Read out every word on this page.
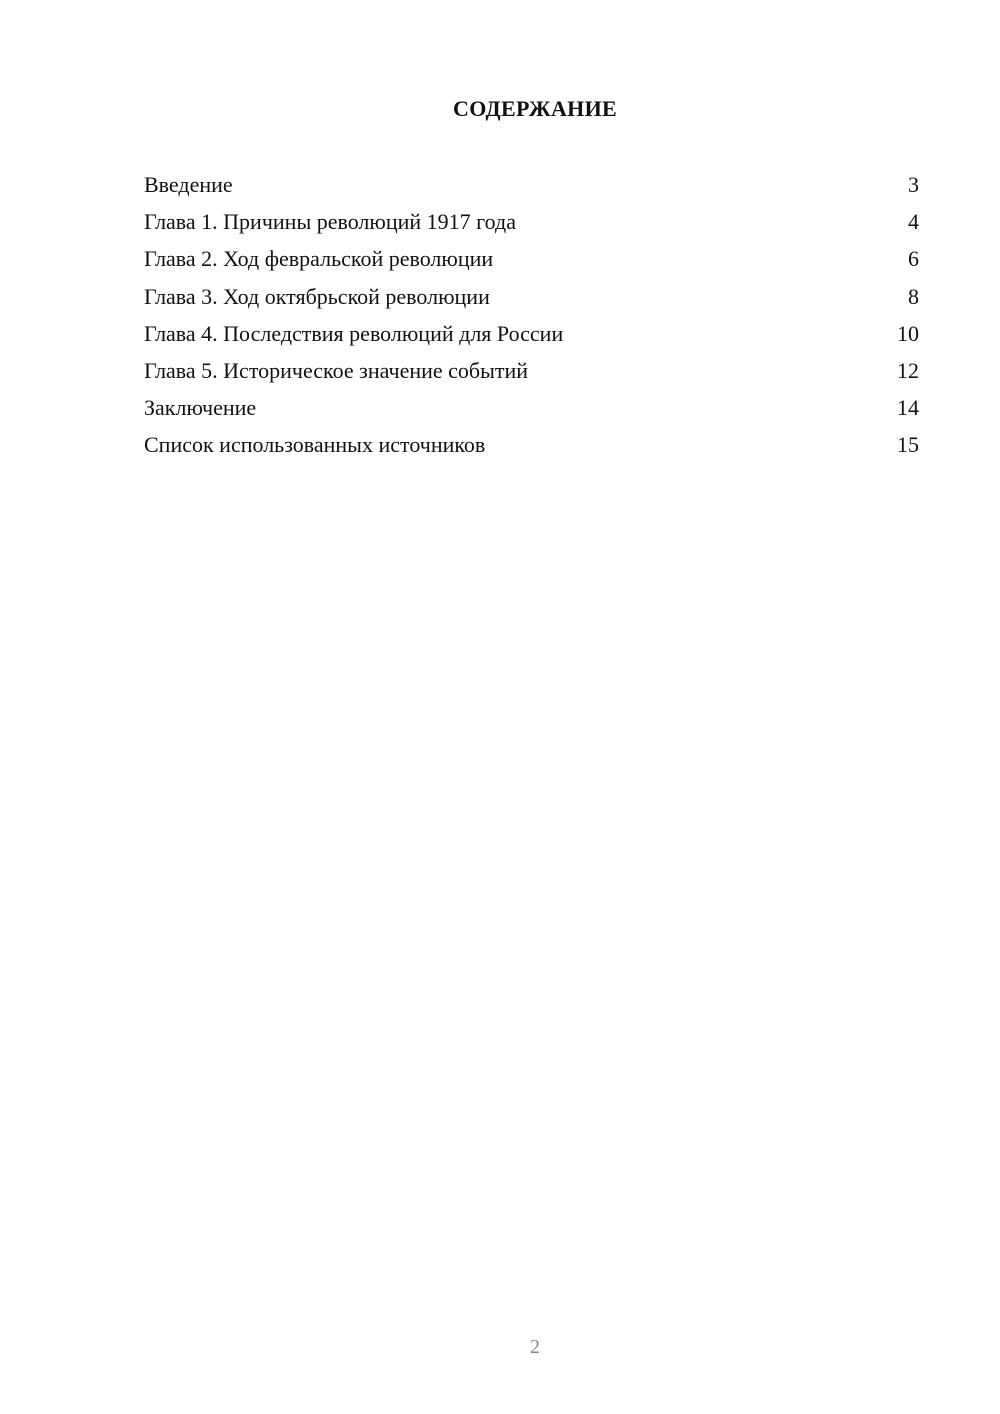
СОДЕРЖАНИЕ
Введение	3
Глава 1. Причины революций 1917 года	4
Глава 2. Ход февральской революции	6
Глава 3. Ход октябрьской революции	8
Глава 4. Последствия революций для России	10
Глава 5. Историческое значение событий	12
Заключение	14
Список использованных источников	15
2
